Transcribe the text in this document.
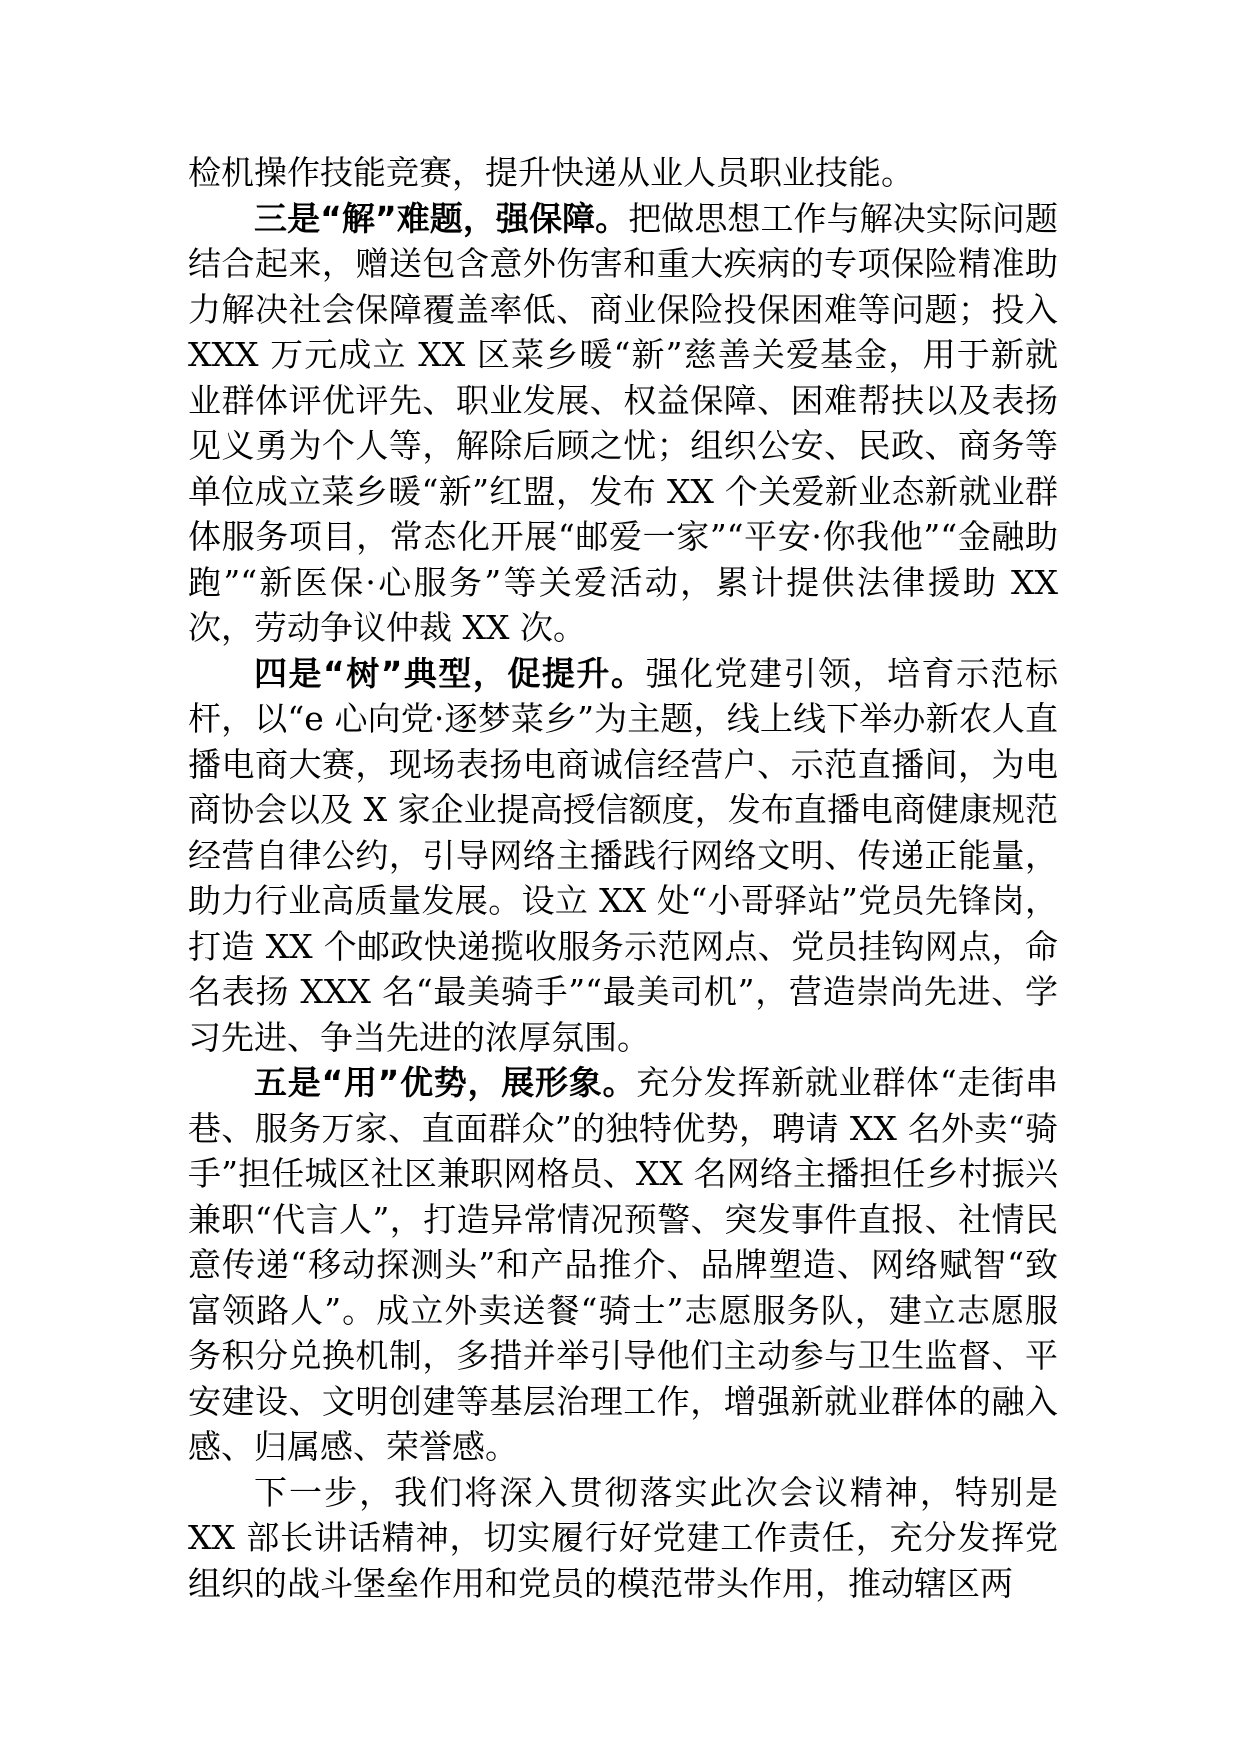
检机操作技能竞赛，提升快递从业人员职业技能。

三是“解”难题，强保障。把做思想工作与解决实际问题结合起来，赠送包含意外伤害和重大疾病的专项保险精准助力解决社会保障覆盖率低、商业保险投保困难等问题；投入 XXX 万元成立 XX 区菜乡暖“新”慈善关爱基金，用于新就业群体评优评先、职业发展、权益保障、困难帮扶以及表扬见义勇为个人等，解除后顾之忧；组织公安、民政、商务等单位成立菜乡暖“新”红盟，发布 XX 个关爱新业态新就业群体服务项目，常态化开展“邮爱一家”“平安·你我他”“金融助跑”“新医保·心服务”等关爱活动，累计提供法律援助 XX 次，劳动争议仲裁 XX 次。

四是“树”典型，促提升。强化党建引领，培育示范标杆，以“e 心向党·逐梦菜乡”为主题，线上线下举办新农人直播电商大赛，现场表扬电商诚信经营户、示范直播间，为电商协会以及 X 家企业提高授信额度，发布直播电商健康规范经营自律公约，引导网络主播践行网络文明、传递正能量，助力行业高质量发展。设立 XX 处“小哥驿站”党员先锋岗，打造 XX 个邮政快递揽收服务示范网点、党员挂钩网点，命名表扬 XXX 名“最美骑手”“最美司机”，营造崇尚先进、学习先进、争当先进的浓厚氛围。

五是“用”优势，展形象。充分发挥新就业群体“走街串巷、服务万家、直面群众”的独特优势，聘请 XX 名外卖“骑手”担任城区社区兼职网格员、XX 名网络主播担任乡村振兴兼职“代言人”，打造异常情况预警、突发事件直报、社情民意传递“移动探测头”和产品推介、品牌塑造、网络赋智“致富领路人”。成立外卖送餐“骑士”志愿服务队，建立志愿服务积分兑换机制，多措并举引导他们主动参与卫生监督、平安建设、文明创建等基层治理工作，增强新就业群体的融入感、归属感、荣誉感。

下一步，我们将深入贯彻落实此次会议精神，特别是 XX 部长讲话精神，切实履行好党建工作责任，充分发挥党组织的战斗堡垒作用和党员的模范带头作用，推动辖区两
